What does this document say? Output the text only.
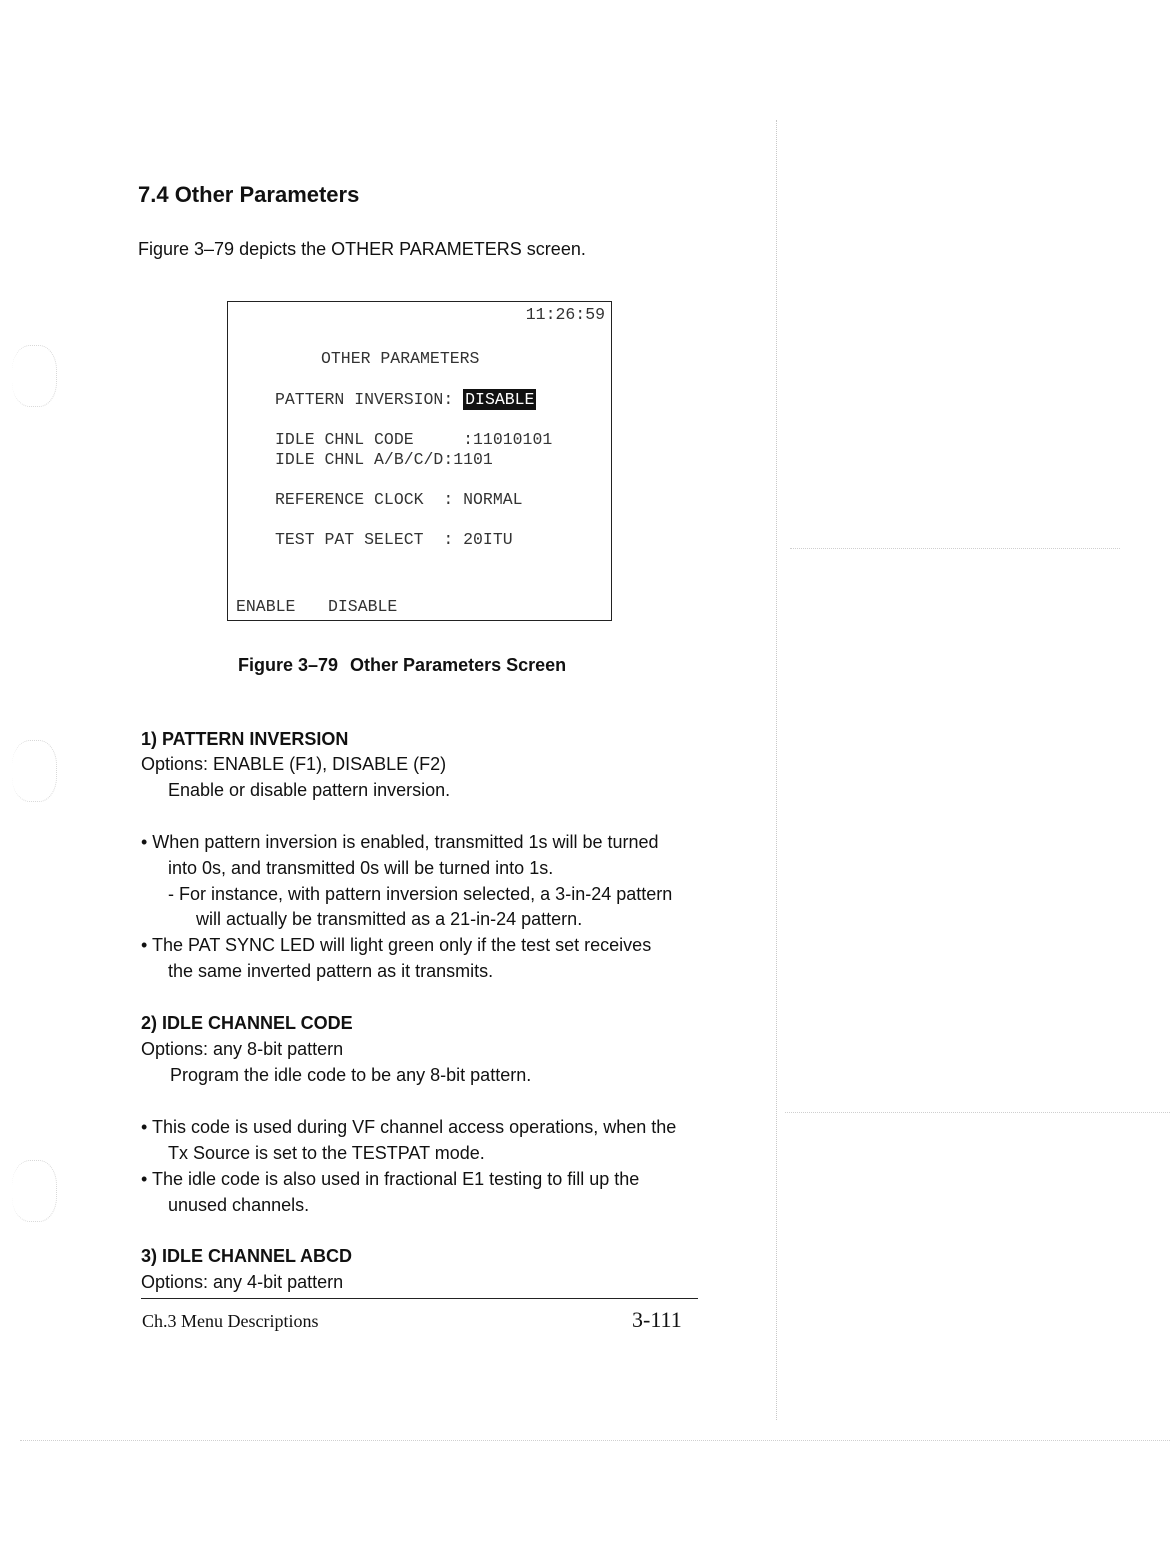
7.4 Other Parameters
Figure 3–79 depicts the OTHER PARAMETERS screen.
11:26:59
OTHER PARAMETERS
PATTERN INVERSION: DISABLE
IDLE CHNL CODE     :11010101
IDLE CHNL A/B/C/D:1101
REFERENCE CLOCK  : NORMAL
TEST PAT SELECT  : 20ITU
ENABLE DISABLE
Figure 3–79 Other Parameters Screen
1) PATTERN INVERSION
Options: ENABLE (F1), DISABLE (F2)
Enable or disable pattern inversion.
• When pattern inversion is enabled, transmitted 1s will be turned
into 0s, and transmitted 0s will be turned into 1s.
- For instance, with pattern inversion selected, a 3-in-24 pattern
will actually be transmitted as a 21-in-24 pattern.
• The PAT SYNC LED will light green only if the test set receives
the same inverted pattern as it transmits.
2) IDLE CHANNEL CODE
Options: any 8-bit pattern
Program the idle code to be any 8-bit pattern.
• This code is used during VF channel access operations, when the
Tx Source is set to the TESTPAT mode.
• The idle code is also used in fractional E1 testing to fill up the
unused channels.
3) IDLE CHANNEL ABCD
Options: any 4-bit pattern
Ch.3 Menu Descriptions	3-111
